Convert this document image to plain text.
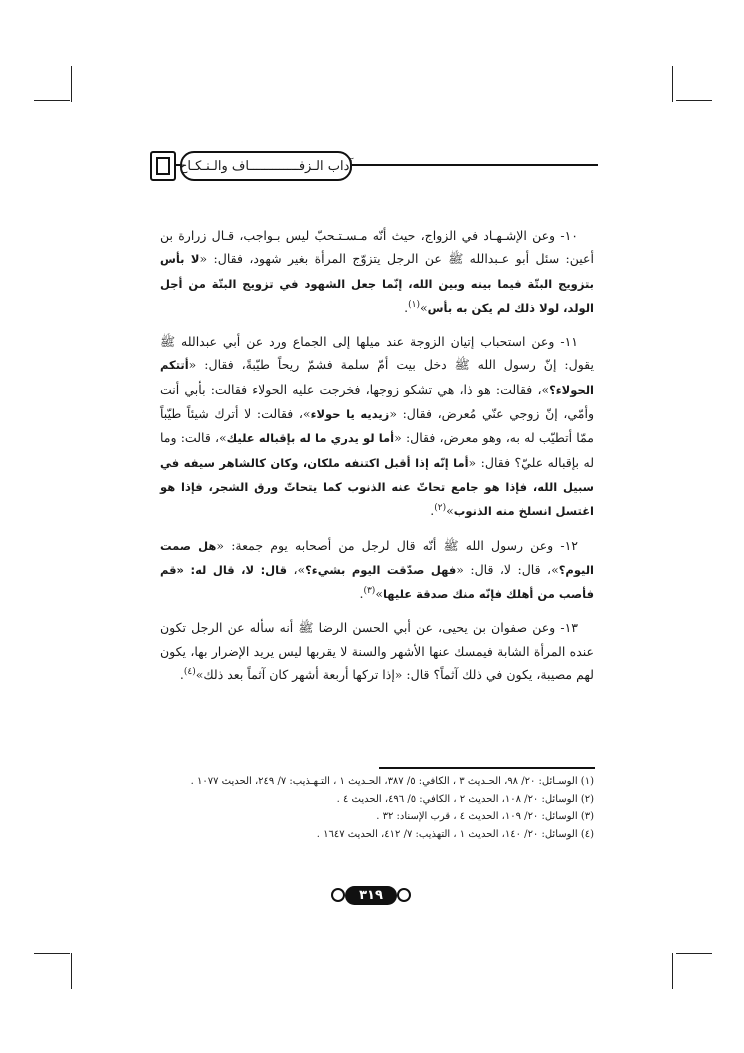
آداب الـزفـــــــــــــاف والـنـكـاح

١٠- وعن الإشـهـاد في الزواج، حيث أنّه مـسـتـحبّ ليس بـواجب، قـال زرارة بن أعين: سئل أبو عـبدالله ﷺ عن الرجل يتزوّج المرأة بغير شهود، فقال: «لا بأس بتزويج البتّة فيما بينه وبين الله، إنّما جعل الشهود في تزويج البتّة من أجل الولد، لولا ذلك لم يكن به بأس»$^{(١)}$.

١١- وعن استحباب إتيان الزوجة عند ميلها إلى الجماع ورد عن أبي عبدالله ﷺ يقول: إنّ رسول الله ﷺ دخل بيت أمّ سلمة فشمّ ريحاً طيّبةً، فقال: «أتتكم الحولاء؟»، فقالت: هو ذا، هي تشكو زوجها، فخرجت عليه الحولاء فقالت: بأبي أنت وأمّي، إنّ زوجي عنّي مُعرض، فقال: «زيديه يا حولاء»، فقالت: لا أترك شيئاً طيّباً ممّا أتطيّب له به، وهو معرض، فقال: «أما لو يدري ما له بإقباله عليك»، قالت: وما له بإقباله عليّ؟ فقال: «أما إنّه إذا أقبل اكتنفه ملكان، وكان كالشاهر سيفه في سبيل الله، فإذا هو جامع تحاتّ عنه الذنوب كما يتحاتّ ورق الشجر، فإذا هو اغتسل انسلخ منه الذنوب»$^{(٢)}$.

١٢- وعن رسول الله ﷺ أنّه قال لرجل من أصحابه يوم جمعة: «هل صمت اليوم؟»، قال: لا، قال: «فهل صدّقت اليوم بشيء؟»، قال: لا، قال له: «قم فأصب من أهلك فإنّه منك صدقة عليها»$^{(٣)}$.

١٣- وعن صفوان بن يحيى، عن أبي الحسن الرضا ﷺ أنه سأله عن الرجل تكون عنده المرأة الشابة فيمسك عنها الأشهر والسنة لا يقربها ليس يريد الإضرار بها، يكون لهم مصيبة، يكون في ذلك آثماً؟ قال: «إذا تركها أربعة أشهر كان آثماً بعد ذلك»$^{(٤)}$.

(١) الوسـائل: ٢٠/ ٩٨، الحـديث ٣ ، الكافي: ٥/ ٣٨٧، الحـديث ١ ، التـهـذيب: ٧/ ٢٤٩، الحديث ١٠٧٧ .
(٢) الوسائل: ٢٠/ ١٠٨، الحديث ٢ ، الكافي: ٥/ ٤٩٦، الحديث ٤ .
(٣) الوسائل: ٢٠/ ١٠٩، الحديث ٤ ، قرب الإسناد: ٣٢ .
(٤) الوسائل: ٢٠/ ١٤٠، الحديث ١ ، التهذيب: ٧/ ٤١٢، الحديث ١٦٤٧ .
٣١٩
